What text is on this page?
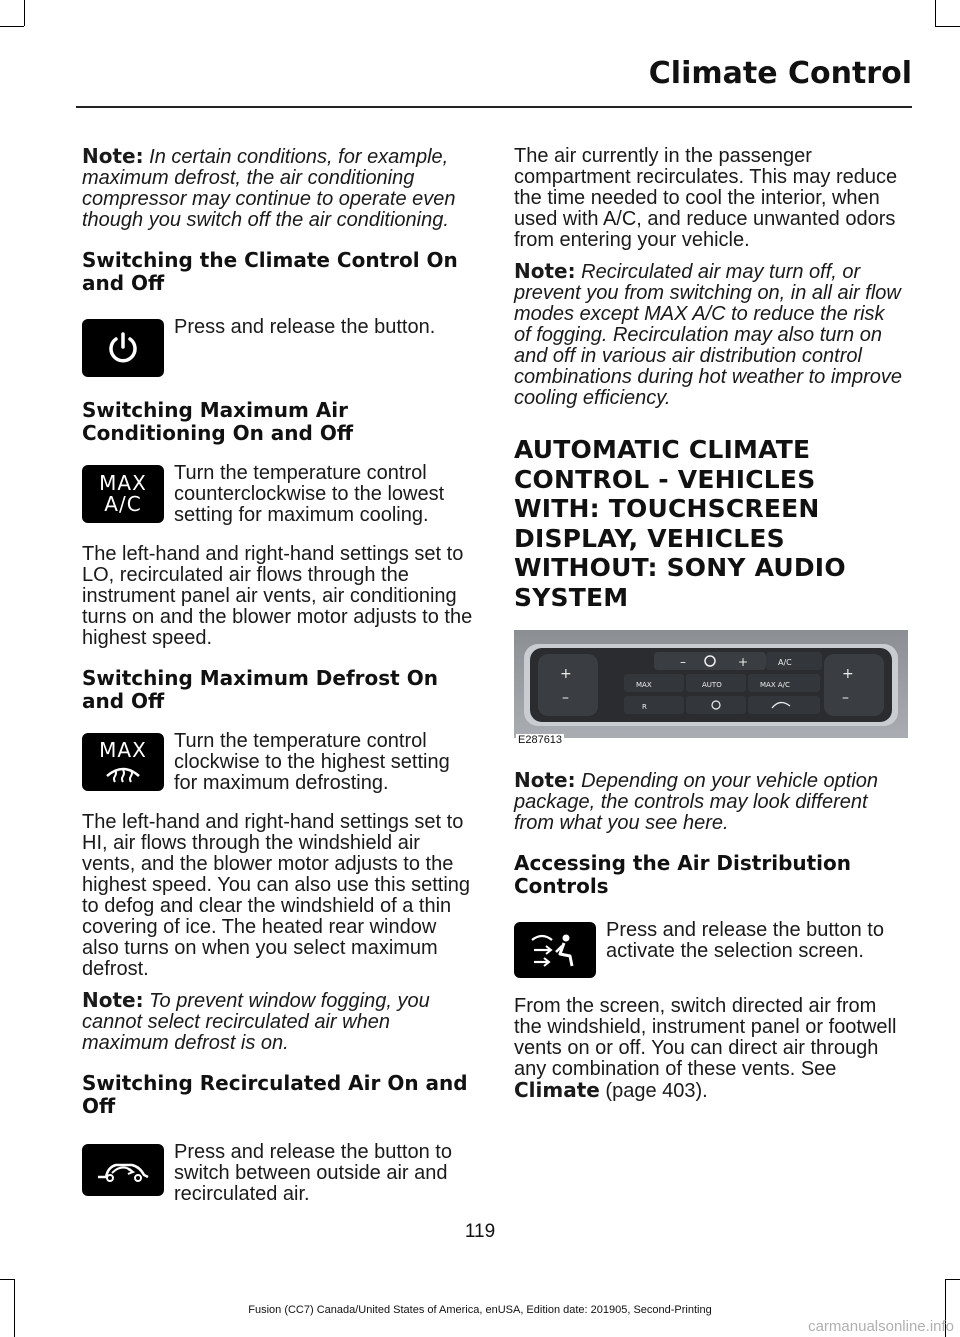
Climate Control

Note: In certain conditions, for example, maximum defrost, the air conditioning compressor may continue to operate even though you switch off the air conditioning.

Switching the Climate Control On and Off

Press and release the button.

Switching Maximum Air Conditioning On and Off
MAX
A/C

Turn the temperature control counterclockwise to the lowest setting for maximum cooling.

The left-hand and right-hand settings set to LO, recirculated air flows through the instrument panel air vents, air conditioning turns on and the blower motor adjusts to the highest speed.

Switching Maximum Defrost On and Off
MAX Turn the temperature control clockwise to the highest setting for maximum defrosting.

The left-hand and right-hand settings set to HI, air flows through the windshield air vents, and the blower motor adjusts to the highest speed. You can also use this setting to defog and clear the windshield of a thin covering of ice. The heated rear window also turns on when you select maximum defrost.

Note: To prevent window fogging, you cannot select recirculated air when maximum defrost is on.

Switching Recirculated Air On and Off

Press and release the button to switch between outside air and recirculated air.

The air currently in the passenger compartment recirculates. This may reduce the time needed to cool the interior, when used with A/C, and reduce unwanted odors from entering your vehicle.

Note: Recirculated air may turn off, or prevent you from switching on, in all air flow modes except MAX A/C to reduce the risk of fogging. Recirculation may also turn on and off in various air distribution control combinations during hot weather to improve cooling efficiency.

AUTOMATIC CLIMATE CONTROL - VEHICLES WITH: TOUCHSCREEN DISPLAY, VEHICLES WITHOUT: SONY AUDIO SYSTEM
+
–
+
–
–	+	A/C
MAX	AUTO	MAX A/C
R
E287613

Note: Depending on your vehicle option package, the controls may look different from what you see here.

Accessing the Air Distribution Controls

Press and release the button to activate the selection screen.

From the screen, switch directed air from the windshield, instrument panel or footwell vents on or off. You can direct air through any combination of these vents. See Climate (page 403).

119
Fusion (CC7) Canada/United States of America, enUSA, Edition date: 201905, Second-Printing
carmanualsonline.info
